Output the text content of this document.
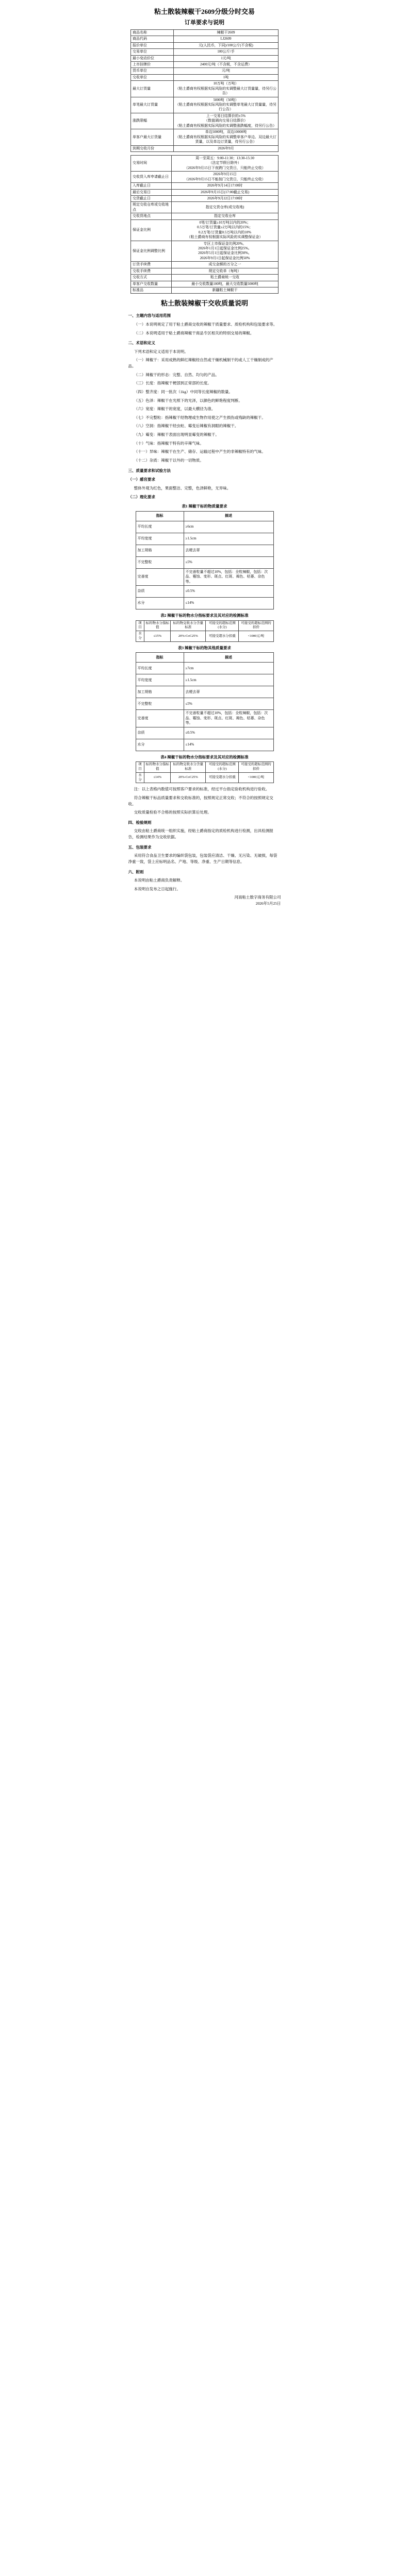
粘土散装辣椒干2609分级分时交易
订单要求与说明
商品名称	辣椒干2609
商品代码	LJ2609
报价单位	元(人民币，下同)/100公斤(不含税)
交易单位	100公斤/手
最小变动价位	1元/吨
上市挂牌价	2400元/吨（不含税，不含运费）
货币单位	元/吨
交收单位	1吨
最大订货量	10万吨（万吨）
（粘土爵商有权根据实际风险的实调整最大订货量量，待另行公告）
单笔最大订货量	5000吨（50吨）
（粘土爵商有权根据实际风险的实调整单笔最大订货量量，待另行公告）
涨跌限幅	上一交易日结算价的±5%
（数值调向交易日结算价）
（粘土爵商有权根据实际风险的实调整涨跌幅度，待另行公告）
单客户最大订货量	单边5000吨，双边10000吨
（粘土爵商有权根据实际风险的实调整单客户单边、双边最大订货量，以及单边订货量，待另行公告）
到期交收月份	2026年9月
交易时间	周一至周五：9:00-11:30；13:30-15:30
（法定节假日除外）
（2026年9月15日下夜跨门交货日，只能终止交收）
交收货入库申请截止日	2026年9月15日
（2026年9月15日不能按门交货日，只能终止交收）
入库截止日	2026年9月14日17:00时
最后交易日	2026年9月15日(17:00截止交易)
交货截止日	2026年9月22日17:00时
规定交收仓库或交收地点	指定交货仓库(或交收地)
交收货地点	指定交收仓库
保证金比例	0笔/订货量≥10万吨以内的20%；
0.5万笔/订货量≥2万吨以内的15%；
0.2万笔/订货量0.5万吨以内的10%
（粘土爵商有权根据实际风险的实调整保证金）
保证金比例调整比例	专区上市保证金比例20%。
2026年1月1日起保证金比例25%。
2026年5月1日起保证金比例30%。
2026年9月1日起保证金比例50%
订货手续费	成交金额的万分之一
交收手续费	规定交收单（每吨）
交收方式	粘土爵商统一交收
单客户交收数量	最小交收数量100吨，最大交收数量5000吨
标准品	新疆粘土辣椒干
粘土散装辣椒干交收质量说明

一、主题内容与适用范围

（一）本说明规定了用于粘土爵商交收的辣椒干质量要求、质检机构和包装要求等。

（二）本说明适用于粘土爵商辣椒干商品专区相关的特别交易的辣椒。

二、术语和定义

下列术语和定义适用于本说明。

（一）辣椒干：采用成熟的鲜红辣椒经自然或干燥机械制干的或人工干燥制成的产品。

（二）辣椒干的形态：完整、自然、均匀的产品。

（三）长度：指辣椒干梗部到正常部的长度。

（四）整齐度：同一批次（1kg）中同等长度辣椒的数量。

（五）色泽：辣椒干在光照下的光泽，以颜色的鲜艳程度判断。

（六）宽度：辣椒干的宽度，以最大横径为准。

（七）不完整粒：指辣椒干经物理或生物作用使之产生损伤或残缺的辣椒干。

（八）空洞：指辣椒干经虫蛀、霉变后辣椒有洞眼的辣椒干。

（九）霉变：辣椒干表面出现明显霉变的辣椒干。

（十）气味：指辣椒干特有的辛辣气味。

（十一）异味：辣椒干在生产、储存、运输过程中产生的非辣椒特有的气味。

（十二）杂质：辣椒干以外的一切物质。

三、质量要求和试验方法

（一）感官要求

整体外观为红色，果面整洁、完整，色泽鲜艳，无异味。

（二）理化要求

表1 辣椒干标的物质量要求
指标	描述
平均长度	≥6cm
平均宽度	≥1.5cm
加工规格	去梗去蒂
不完整粒	≤5%
完善度	不完善粒量不超过10%，包括：全粒辣椒，包括：次品、霉蚀、变形、斑点、红斑、褐色、枯萎、杂色等。
杂质	≤0.5%
水分	≤14%
表2 辣椒干标的物水分指标要求及其对应的检测标准
项目	标的物水分指标值	标的物交收水分含量标准	可接受的超标范围(水分)	可接受的超标范围的扣价
水分	≤15%	20%-CoC25%	可接受超水分扣重	<1000元/吨
表3 辣椒干标的物其他质量要求
指标	描述
平均长度	≥7cm
平均宽度	≥1.5cm
加工规格	去梗去蒂
不完整粒	≤5%
完善度	不完善粒量不超过10%，包括：全粒辣椒，包括：次品、霉蚀、变形、斑点、红斑、褐色、枯萎、杂色等。
杂质	≤0.5%
水分	≤14%
表4 辣椒干标的物水分指标要求及其对应的检测标准
项目	标的物水分指标值	标的物交收水分含量标准	可接受的超标范围(水分)	可接受的超标范围的扣价
水分	≤14%	20%-CoC25%	可接受超水分扣重	<1000元/吨

注：以上表格内数值可按照客户要求的标准，经过平台指定验收机构进行验收。

符合辣椒干标品质量要求和交收标准的，按照规定正常交收；不符合的按照规定交收。

交收质量检验不合格的按照实际折算后处理。

四、检验规则

交收由粘土爵商统一组织实施，经粘土爵商指定的质检机构进行检测，出具检测报告，检测结果作为交收依据。

五、包装要求

采用符合食品卫生要求的编织袋包装，包装袋应清洁、干燥、无污染、无破损，每袋净重一致，袋上应标明品名、产地、等级、净重、生产日期等信息。

六、附则

本说明由粘土爵商负责解释。

本说明自发布之日起施行。

河南粘土数字商务有限公司
2026年5月25日
